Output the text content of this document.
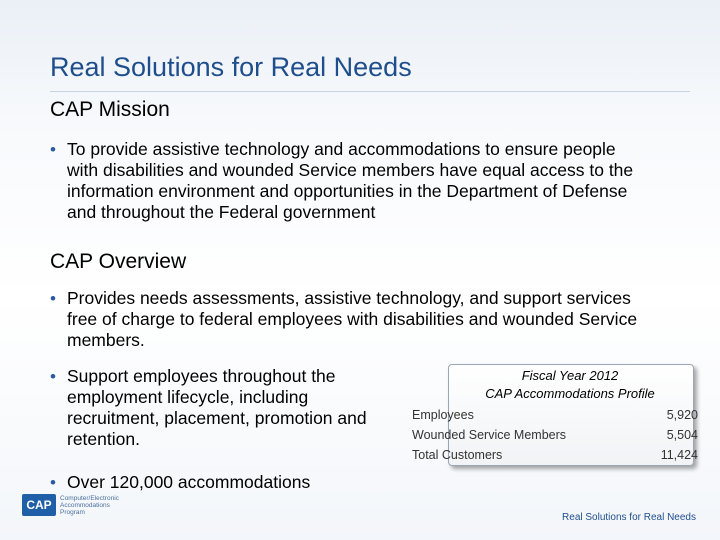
Real Solutions for Real Needs
CAP Mission
• To provide assistive technology and accommodations to ensure people with disabilities and wounded Service members have equal access to the information environment and opportunities in the Department of Defense and throughout the Federal government
CAP Overview
• Provides needs assessments, assistive technology, and support services free of charge to federal employees with disabilities and wounded Service members.
• Support employees throughout the employment lifecycle, including recruitment, placement, promotion and retention.
• Over 120,000 accommodations
Fiscal Year 2012
CAP Accommodations Profile
Employees	5,920
Wounded Service Members	5,504
Total Customers	11,424
CAP	Computer/Electronic Accommodations Program	Real Solutions for Real Needs
